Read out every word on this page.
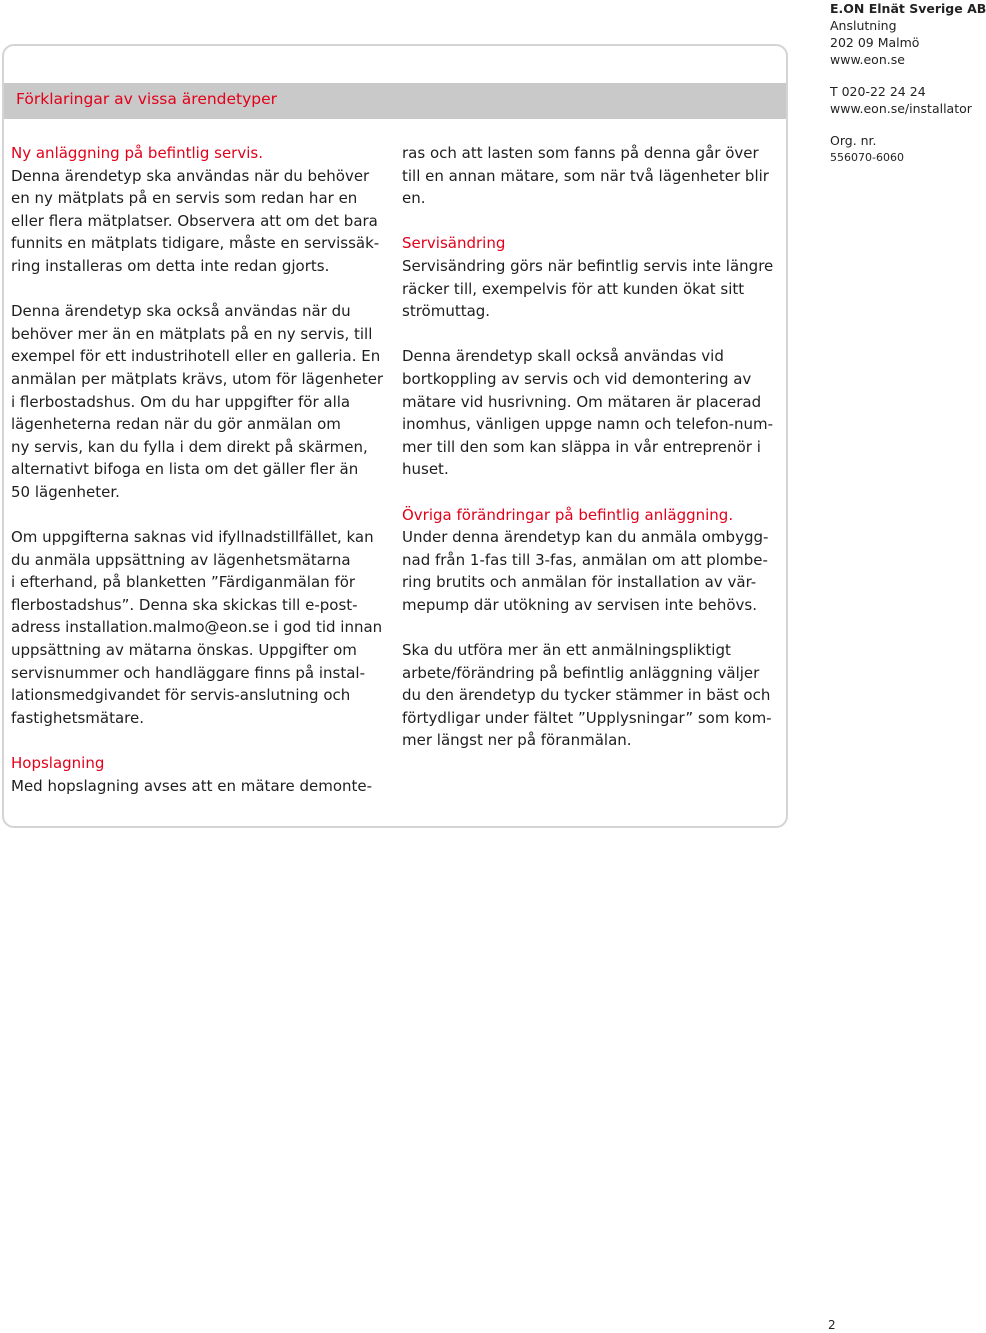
E.ON Elnät Sverige AB
Anslutning
202 09 Malmö
www.eon.se
T 020-22 24 24
www.eon.se/installator
Org. nr.
556070-6060
Förklaringar av vissa ärendetyper

Ny anläggning på befintlig servis.

Denna ärendetyp ska användas när du behöver

en ny mätplats på en servis som redan har en

eller flera mätplatser. Observera att om det bara

funnits en mätplats tidigare, måste en servissäk-

ring installeras om detta inte redan gjorts.

Denna ärendetyp ska också användas när du

behöver mer än en mätplats på en ny servis, till

exempel för ett industrihotell eller en galleria. En

anmälan per mätplats krävs, utom för lägenheter

i flerbostadshus. Om du har uppgifter för alla

lägenheterna redan när du gör anmälan om

ny servis, kan du fylla i dem direkt på skärmen,

alternativt bifoga en lista om det gäller fler än

50 lägenheter.

Om uppgifterna saknas vid ifyllnadstillfället, kan

du anmäla uppsättning av lägenhetsmätarna

i efterhand, på blanketten ”Färdiganmälan för

flerbostadshus”. Denna ska skickas till e-post-

adress installation.malmo@eon.se i god tid innan

uppsättning av mätarna önskas. Uppgifter om

servisnummer och handläggare finns på instal-

lationsmedgivandet för servis-anslutning och

fastighetsmätare.

Hopslagning

Med hopslagning avses att en mätare demonte-

ras och att lasten som fanns på denna går över

till en annan mätare, som när två lägenheter blir

en.

Servisändring

Servisändring görs när befintlig servis inte längre

räcker till, exempelvis för att kunden ökat sitt

strömuttag.

Denna ärendetyp skall också användas vid

bortkoppling av servis och vid demontering av

mätare vid husrivning. Om mätaren är placerad

inomhus, vänligen uppge namn och telefon-num-

mer till den som kan släppa in vår entreprenör i

huset.

Övriga förändringar på befintlig anläggning.

Under denna ärendetyp kan du anmäla ombygg-

nad från 1-fas till 3-fas, anmälan om att plombe-

ring brutits och anmälan för installation av vär-

mepump där utökning av servisen inte behövs.

Ska du utföra mer än ett anmälningspliktigt

arbete/förändring på befintlig anläggning väljer

du den ärendetyp du tycker stämmer in bäst och

förtydligar under fältet ”Upplysningar” som kom-

mer längst ner på föranmälan.

2
